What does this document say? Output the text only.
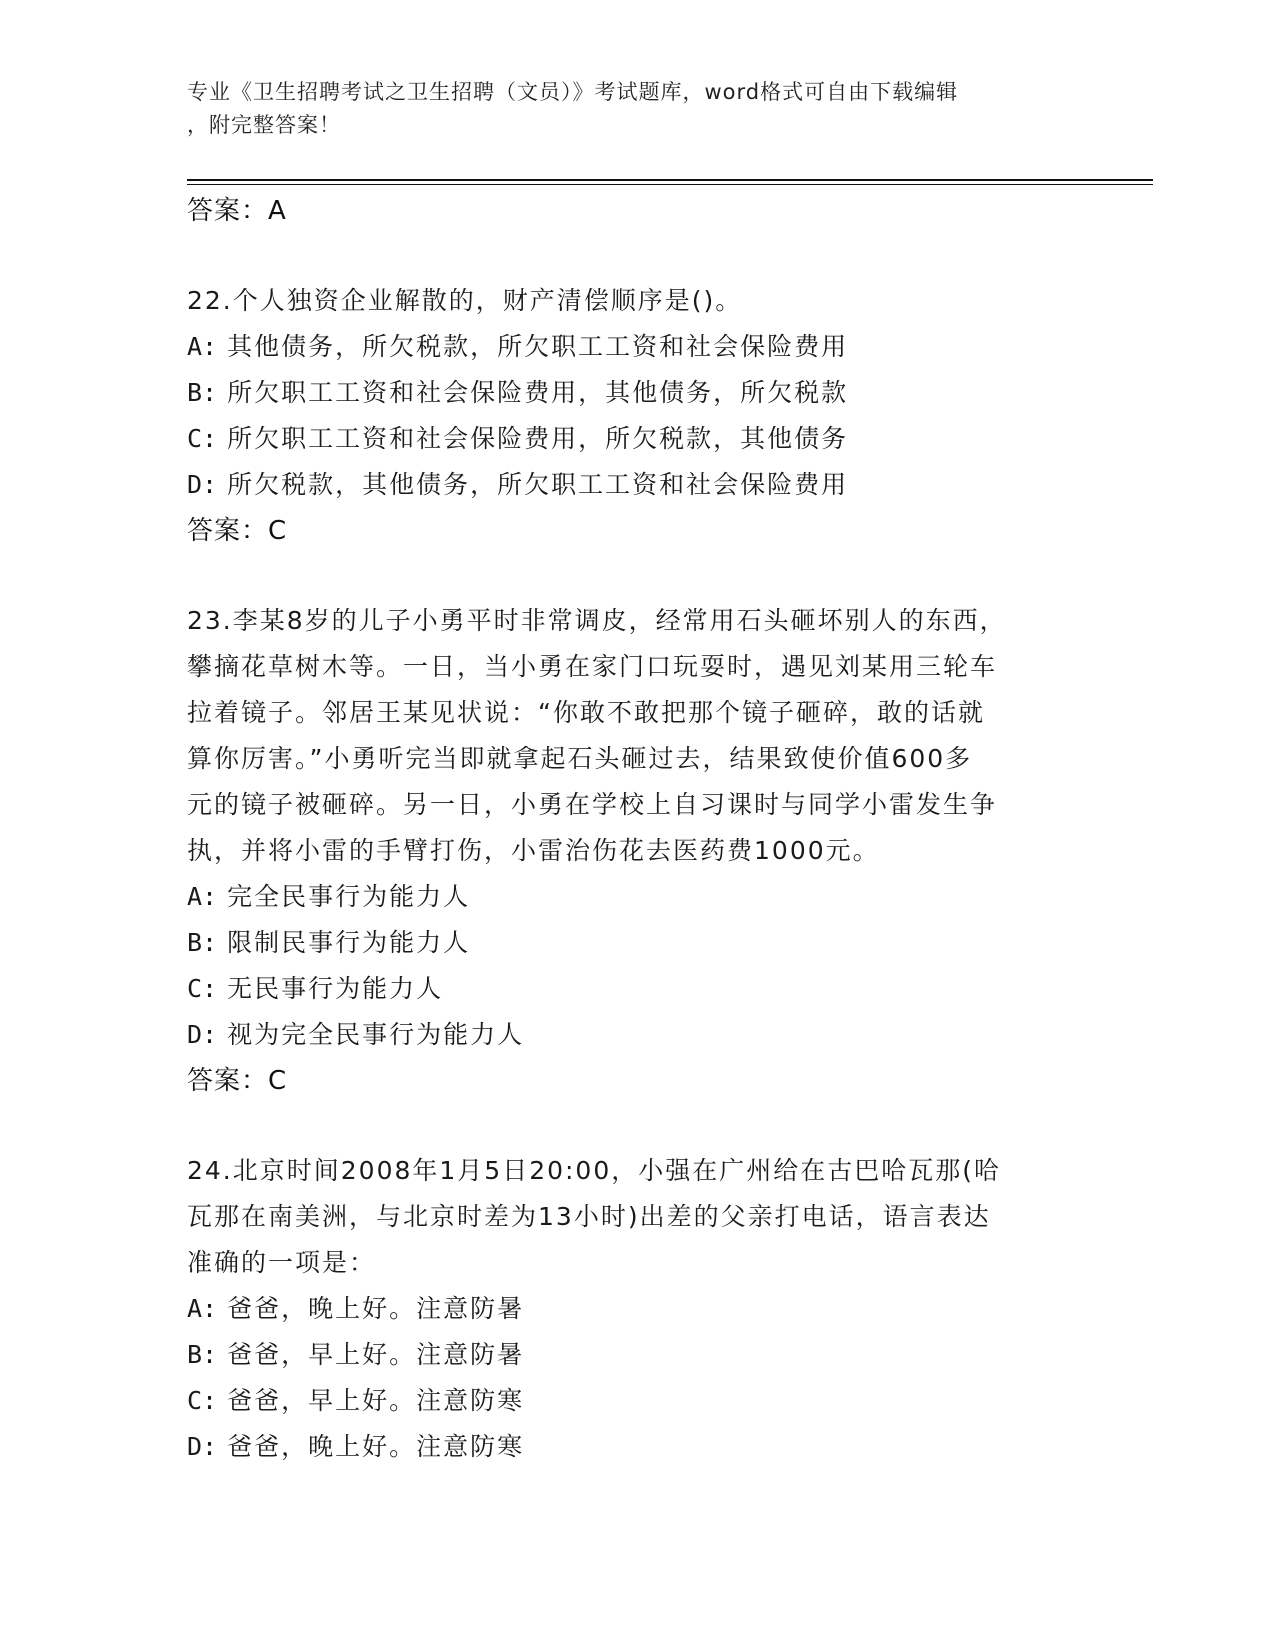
专业《卫生招聘考试之卫生招聘（文员）》考试题库，word格式可自由下载编辑
，附完整答案！
答案：A
22.个人独资企业解散的，财产清偿顺序是()。
A: 其他债务，所欠税款，所欠职工工资和社会保险费用
B: 所欠职工工资和社会保险费用，其他债务，所欠税款
C: 所欠职工工资和社会保险费用，所欠税款，其他债务
D: 所欠税款，其他债务，所欠职工工资和社会保险费用
答案：C
23.李某8岁的儿子小勇平时非常调皮，经常用石头砸坏别人的东西，
攀摘花草树木等。一日，当小勇在家门口玩耍时，遇见刘某用三轮车
拉着镜子。邻居王某见状说：“你敢不敢把那个镜子砸碎，敢的话就
算你厉害。”小勇听完当即就拿起石头砸过去，结果致使价值600多
元的镜子被砸碎。另一日，小勇在学校上自习课时与同学小雷发生争
执，并将小雷的手臂打伤，小雷治伤花去医药费1000元。
A: 完全民事行为能力人
B: 限制民事行为能力人
C: 无民事行为能力人
D: 视为完全民事行为能力人
答案：C
24.北京时间2008年1月5日20:00，小强在广州给在古巴哈瓦那(哈
瓦那在南美洲，与北京时差为13小时)出差的父亲打电话，语言表达
准确的一项是：
A: 爸爸，晚上好。注意防暑
B: 爸爸，早上好。注意防暑
C: 爸爸，早上好。注意防寒
D: 爸爸，晚上好。注意防寒
